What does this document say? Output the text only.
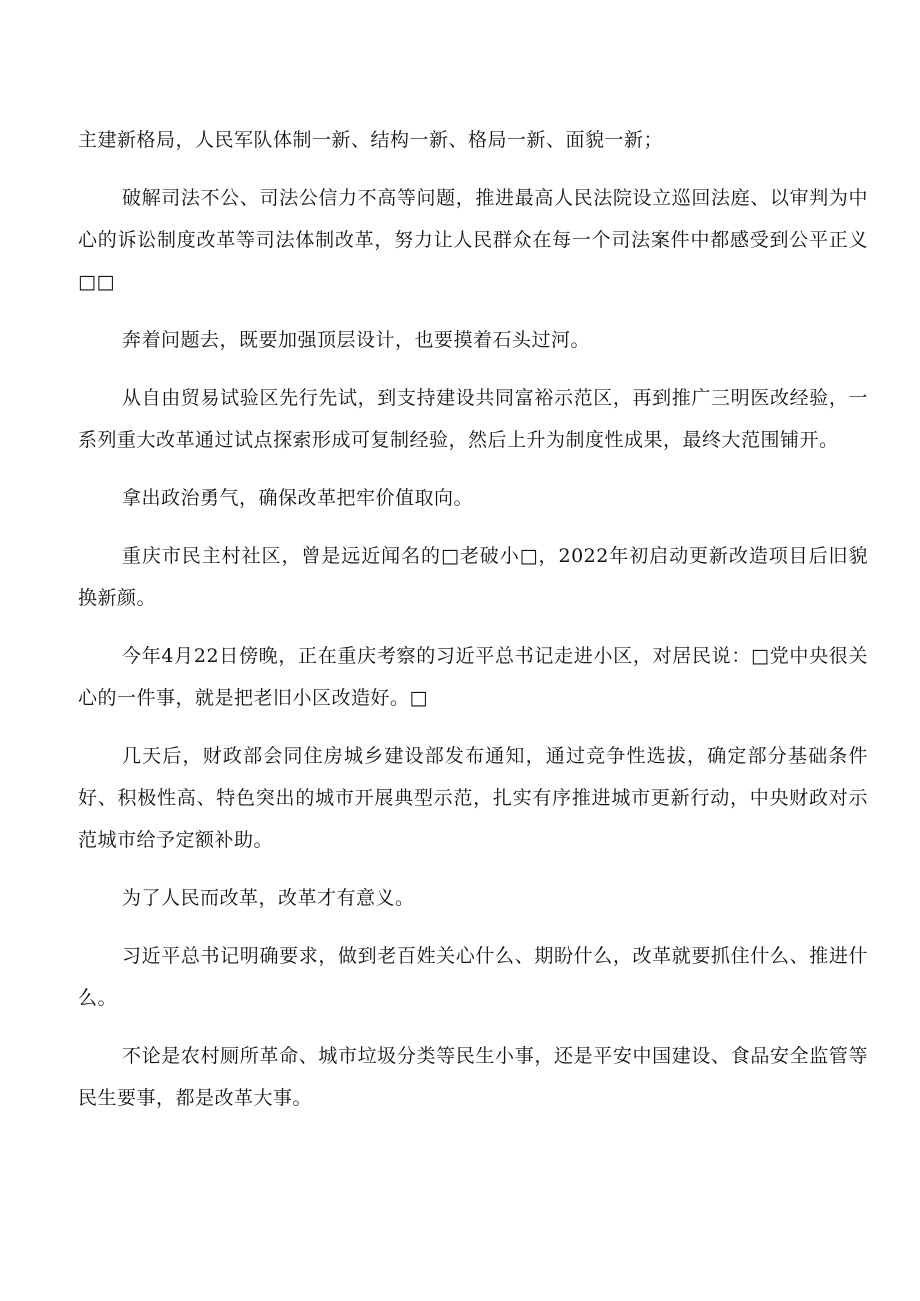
主建新格局，人民军队体制一新、结构一新、格局一新、面貌一新；

破解司法不公、司法公信力不高等问题，推进最高人民法院设立巡回法庭、以审判为中心的诉讼制度改革等司法体制改革，努力让人民群众在每一个司法案件中都感受到公平正义□□

奔着问题去，既要加强顶层设计，也要摸着石头过河。

从自由贸易试验区先行先试，到支持建设共同富裕示范区，再到推广三明医改经验，一系列重大改革通过试点探索形成可复制经验，然后上升为制度性成果，最终大范围铺开。

拿出政治勇气，确保改革把牢价值取向。

重庆市民主村社区，曾是远近闻名的□老破小□，2022年初启动更新改造项目后旧貌换新颜。

今年4月22日傍晚，正在重庆考察的习近平总书记走进小区，对居民说：□党中央很关心的一件事，就是把老旧小区改造好。□

几天后，财政部会同住房城乡建设部发布通知，通过竞争性选拔，确定部分基础条件好、积极性高、特色突出的城市开展典型示范，扎实有序推进城市更新行动，中央财政对示范城市给予定额补助。

为了人民而改革，改革才有意义。

习近平总书记明确要求，做到老百姓关心什么、期盼什么，改革就要抓住什么、推进什么。

不论是农村厕所革命、城市垃圾分类等民生小事，还是平安中国建设、食品安全监管等民生要事，都是改革大事。
